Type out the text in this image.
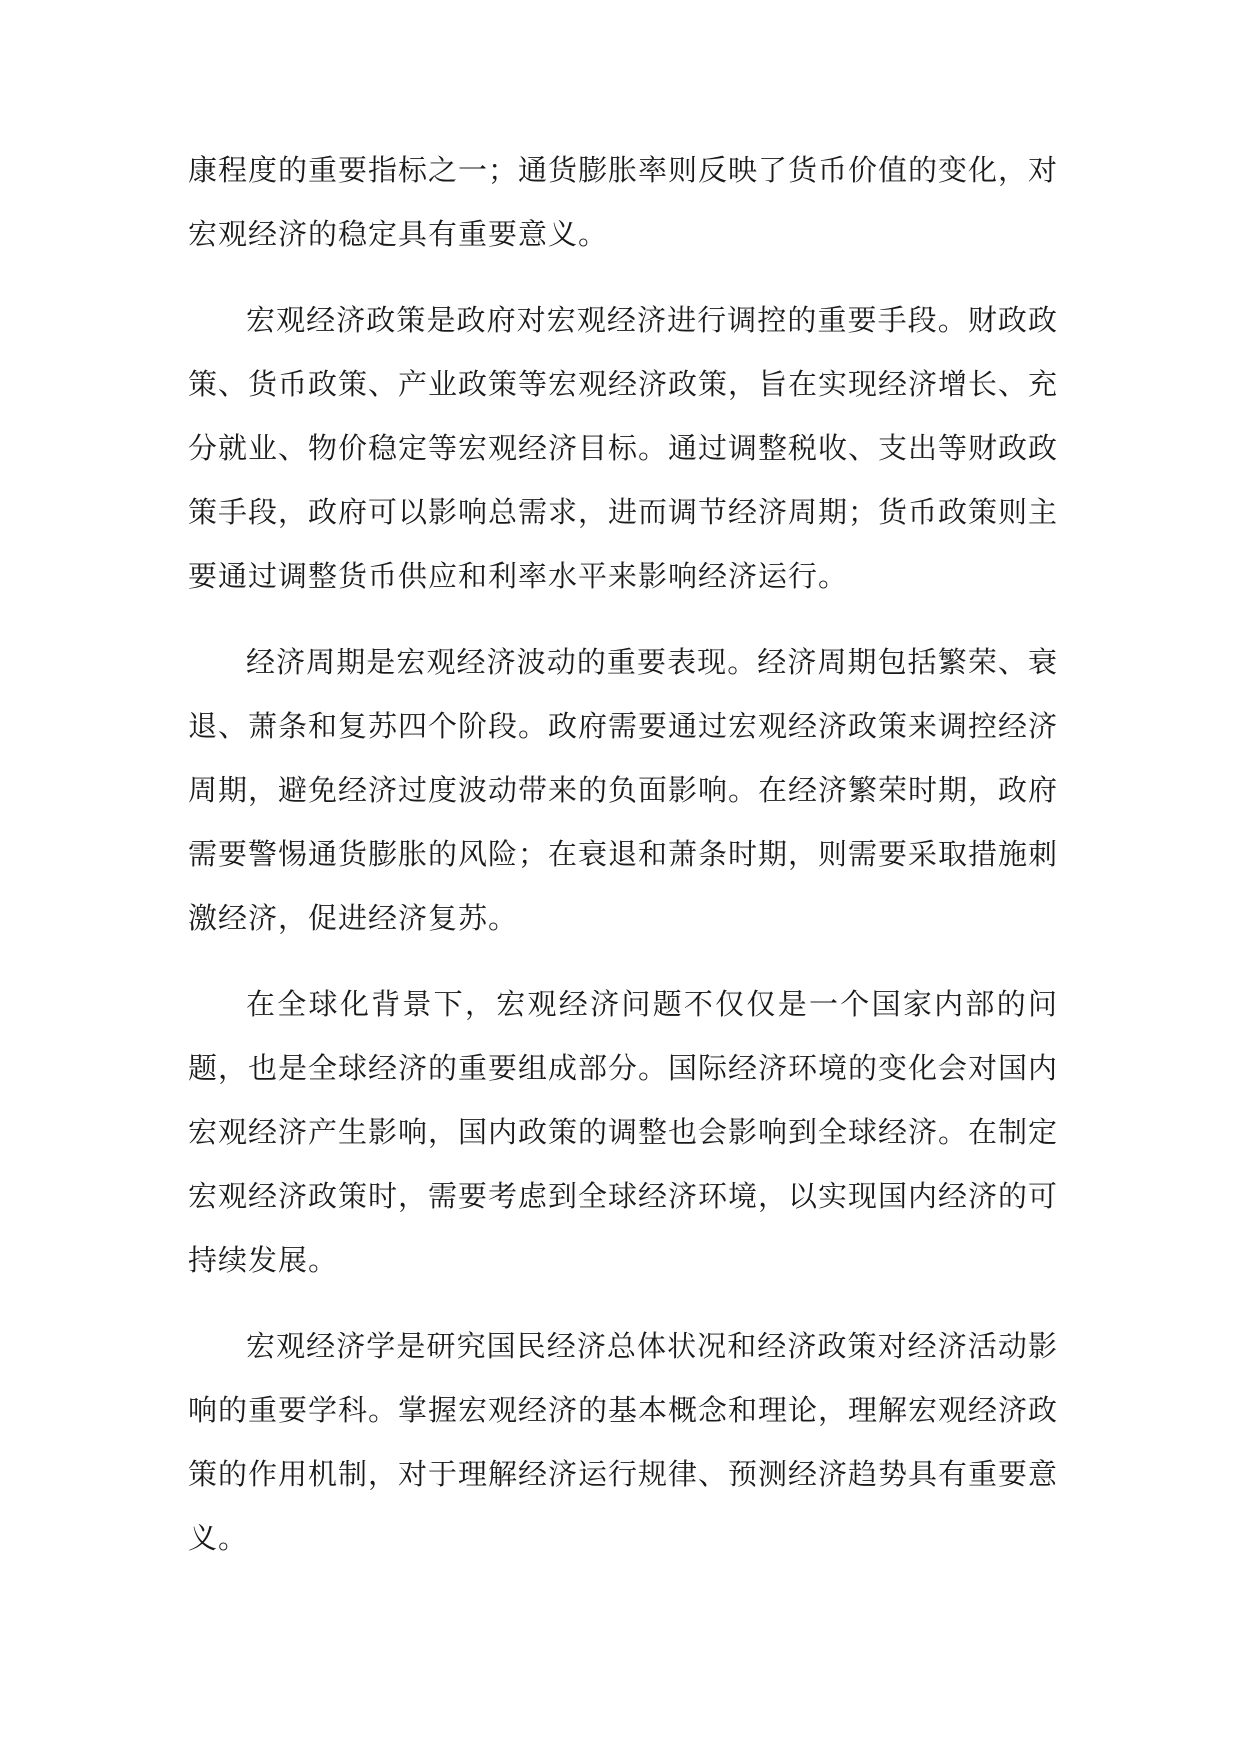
康程度的重要指标之一；通货膨胀率则反映了货币价值的变化，对宏观经济的稳定具有重要意义。

宏观经济政策是政府对宏观经济进行调控的重要手段。财政政策、货币政策、产业政策等宏观经济政策，旨在实现经济增长、充分就业、物价稳定等宏观经济目标。通过调整税收、支出等财政政策手段，政府可以影响总需求，进而调节经济周期；货币政策则主要通过调整货币供应和利率水平来影响经济运行。

经济周期是宏观经济波动的重要表现。经济周期包括繁荣、衰退、萧条和复苏四个阶段。政府需要通过宏观经济政策来调控经济周期，避免经济过度波动带来的负面影响。在经济繁荣时期，政府需要警惕通货膨胀的风险；在衰退和萧条时期，则需要采取措施刺激经济，促进经济复苏。

在全球化背景下，宏观经济问题不仅仅是一个国家内部的问题，也是全球经济的重要组成部分。国际经济环境的变化会对国内宏观经济产生影响，国内政策的调整也会影响到全球经济。在制定宏观经济政策时，需要考虑到全球经济环境，以实现国内经济的可持续发展。

宏观经济学是研究国民经济总体状况和经济政策对经济活动影响的重要学科。掌握宏观经济的基本概念和理论，理解宏观经济政策的作用机制，对于理解经济运行规律、预测经济趋势具有重要意义。
